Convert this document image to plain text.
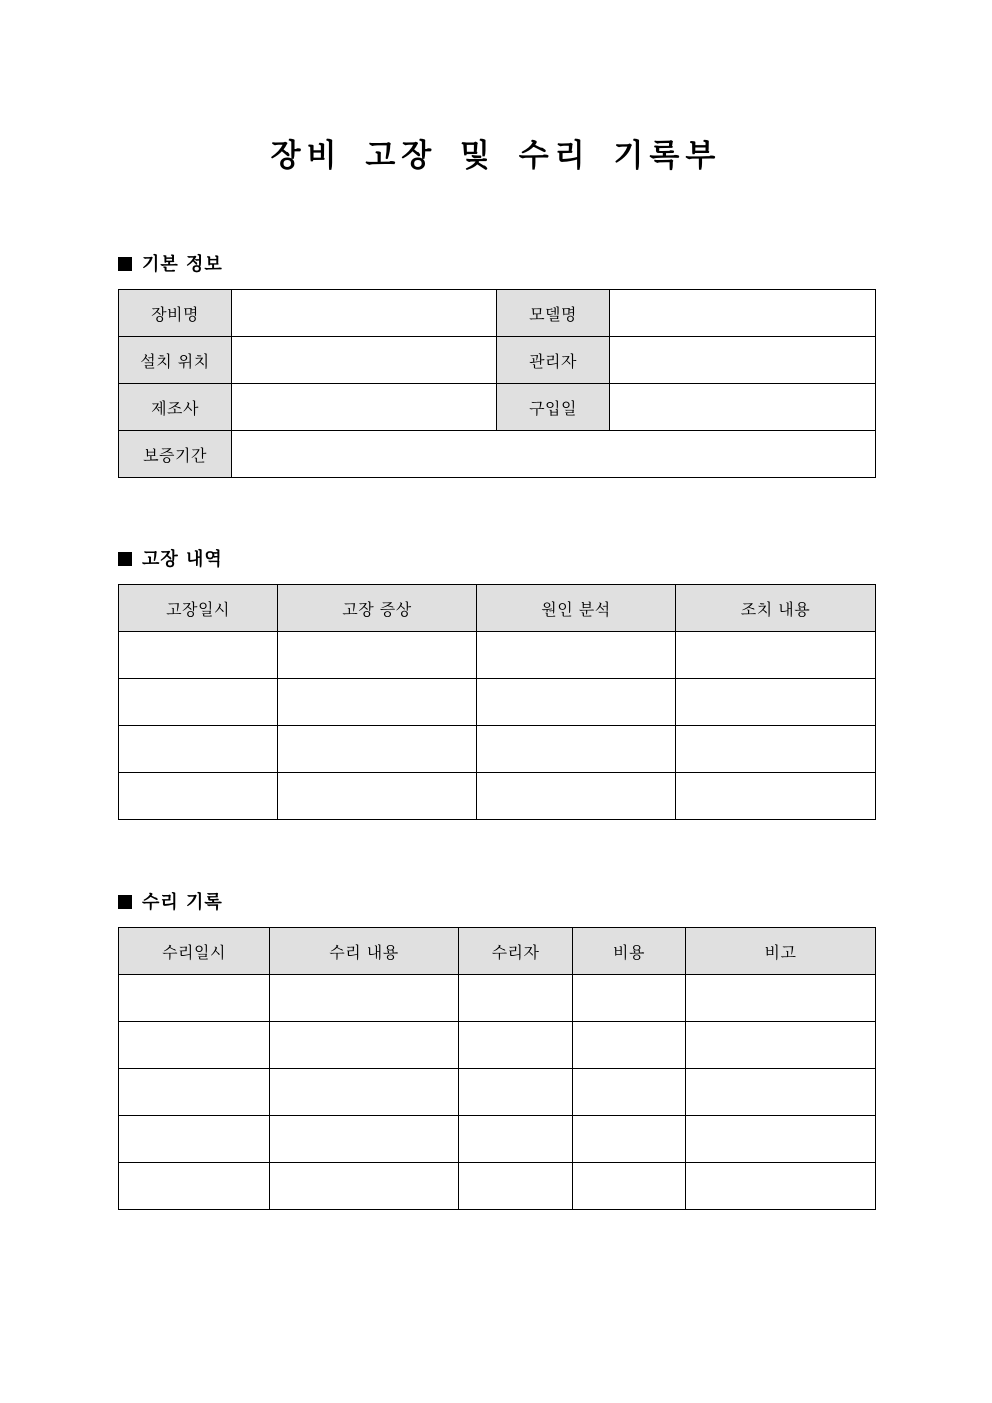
장비 고장 및 수리 기록부
기본 정보
장비명		모델명	
설치 위치		관리자	
제조사		구입일	
보증기간			
고장 내역
고장일시	고장 증상	원인 분석	조치 내용

수리 기록
수리일시	수리 내용	수리자	비용	비고
